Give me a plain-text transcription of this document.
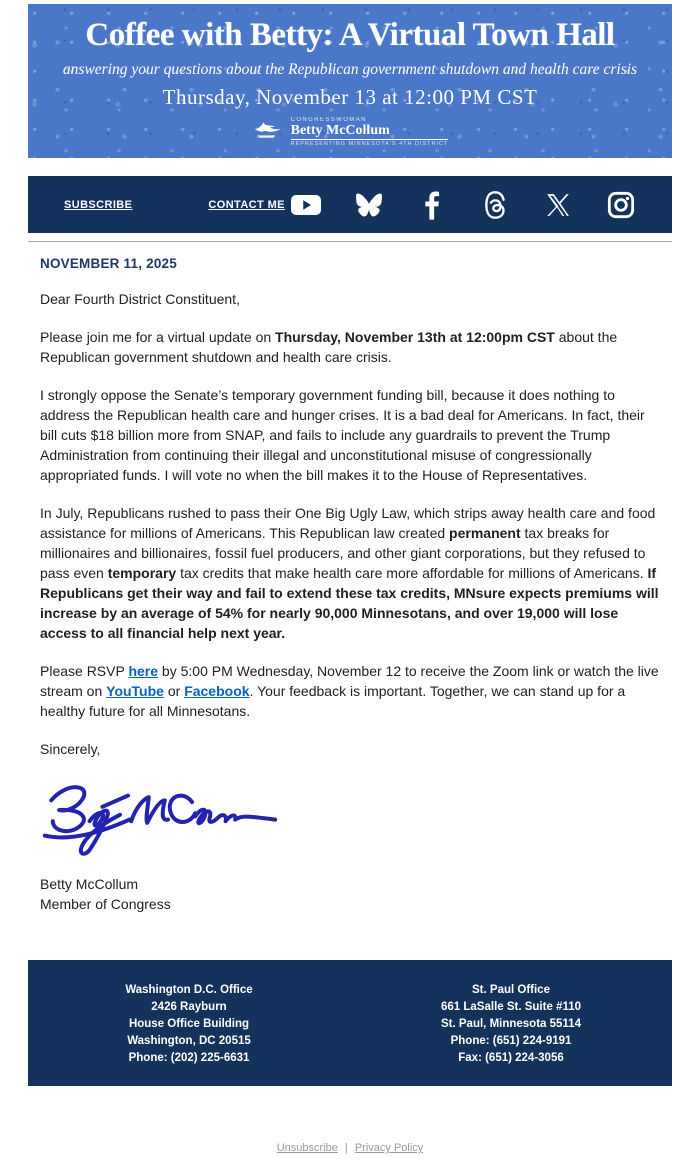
Coffee with Betty: A Virtual Town Hall
answering your questions about the Republican government shutdown and health care crisis
Thursday, November 13 at 12:00 PM CST
CONGRESSWOMAN
Betty McCollum
REPRESENTING MINNESOTA'S 4TH DISTRICT
SUBSCRIBE	CONTACT ME
NOVEMBER 11, 2025

Dear Fourth District Constituent,

Please join me for a virtual update on Thursday, November 13th at 12:00pm CST about the Republican government shutdown and health care crisis.

I strongly oppose the Senate’s temporary government funding bill, because it does nothing to address the Republican health care and hunger crises. It is a bad deal for Americans. In fact, their bill cuts $18 billion more from SNAP, and fails to include any guardrails to prevent the Trump Administration from continuing their illegal and unconstitutional misuse of congressionally appropriated funds. I will vote no when the bill makes it to the House of Representatives.

In July, Republicans rushed to pass their One Big Ugly Law, which strips away health care and food assistance for millions of Americans. This Republican law created permanent tax breaks for millionaires and billionaires, fossil fuel producers, and other giant corporations, but they refused to pass even temporary tax credits that make health care more affordable for millions of Americans. If Republicans get their way and fail to extend these tax credits, MNsure expects premiums will increase by an average of 54% for nearly 90,000 Minnesotans, and over 19,000 will lose access to all financial help next year.

Please RSVP here by 5:00 PM Wednesday, November 12 to receive the Zoom link or watch the live stream on YouTube or Facebook. Your feedback is important. Together, we can stand up for a healthy future for all Minnesotans.

Sincerely,

Betty McCollum
Member of Congress
Washington D.C. Office
2426 Rayburn
House Office Building
Washington, DC 20515
Phone: (202) 225-6631
St. Paul Office
661 LaSalle St. Suite #110
St. Paul, Minnesota 55114
Phone: (651) 224-9191
Fax: (651) 224-3056
Unsubscribe | Privacy Policy
